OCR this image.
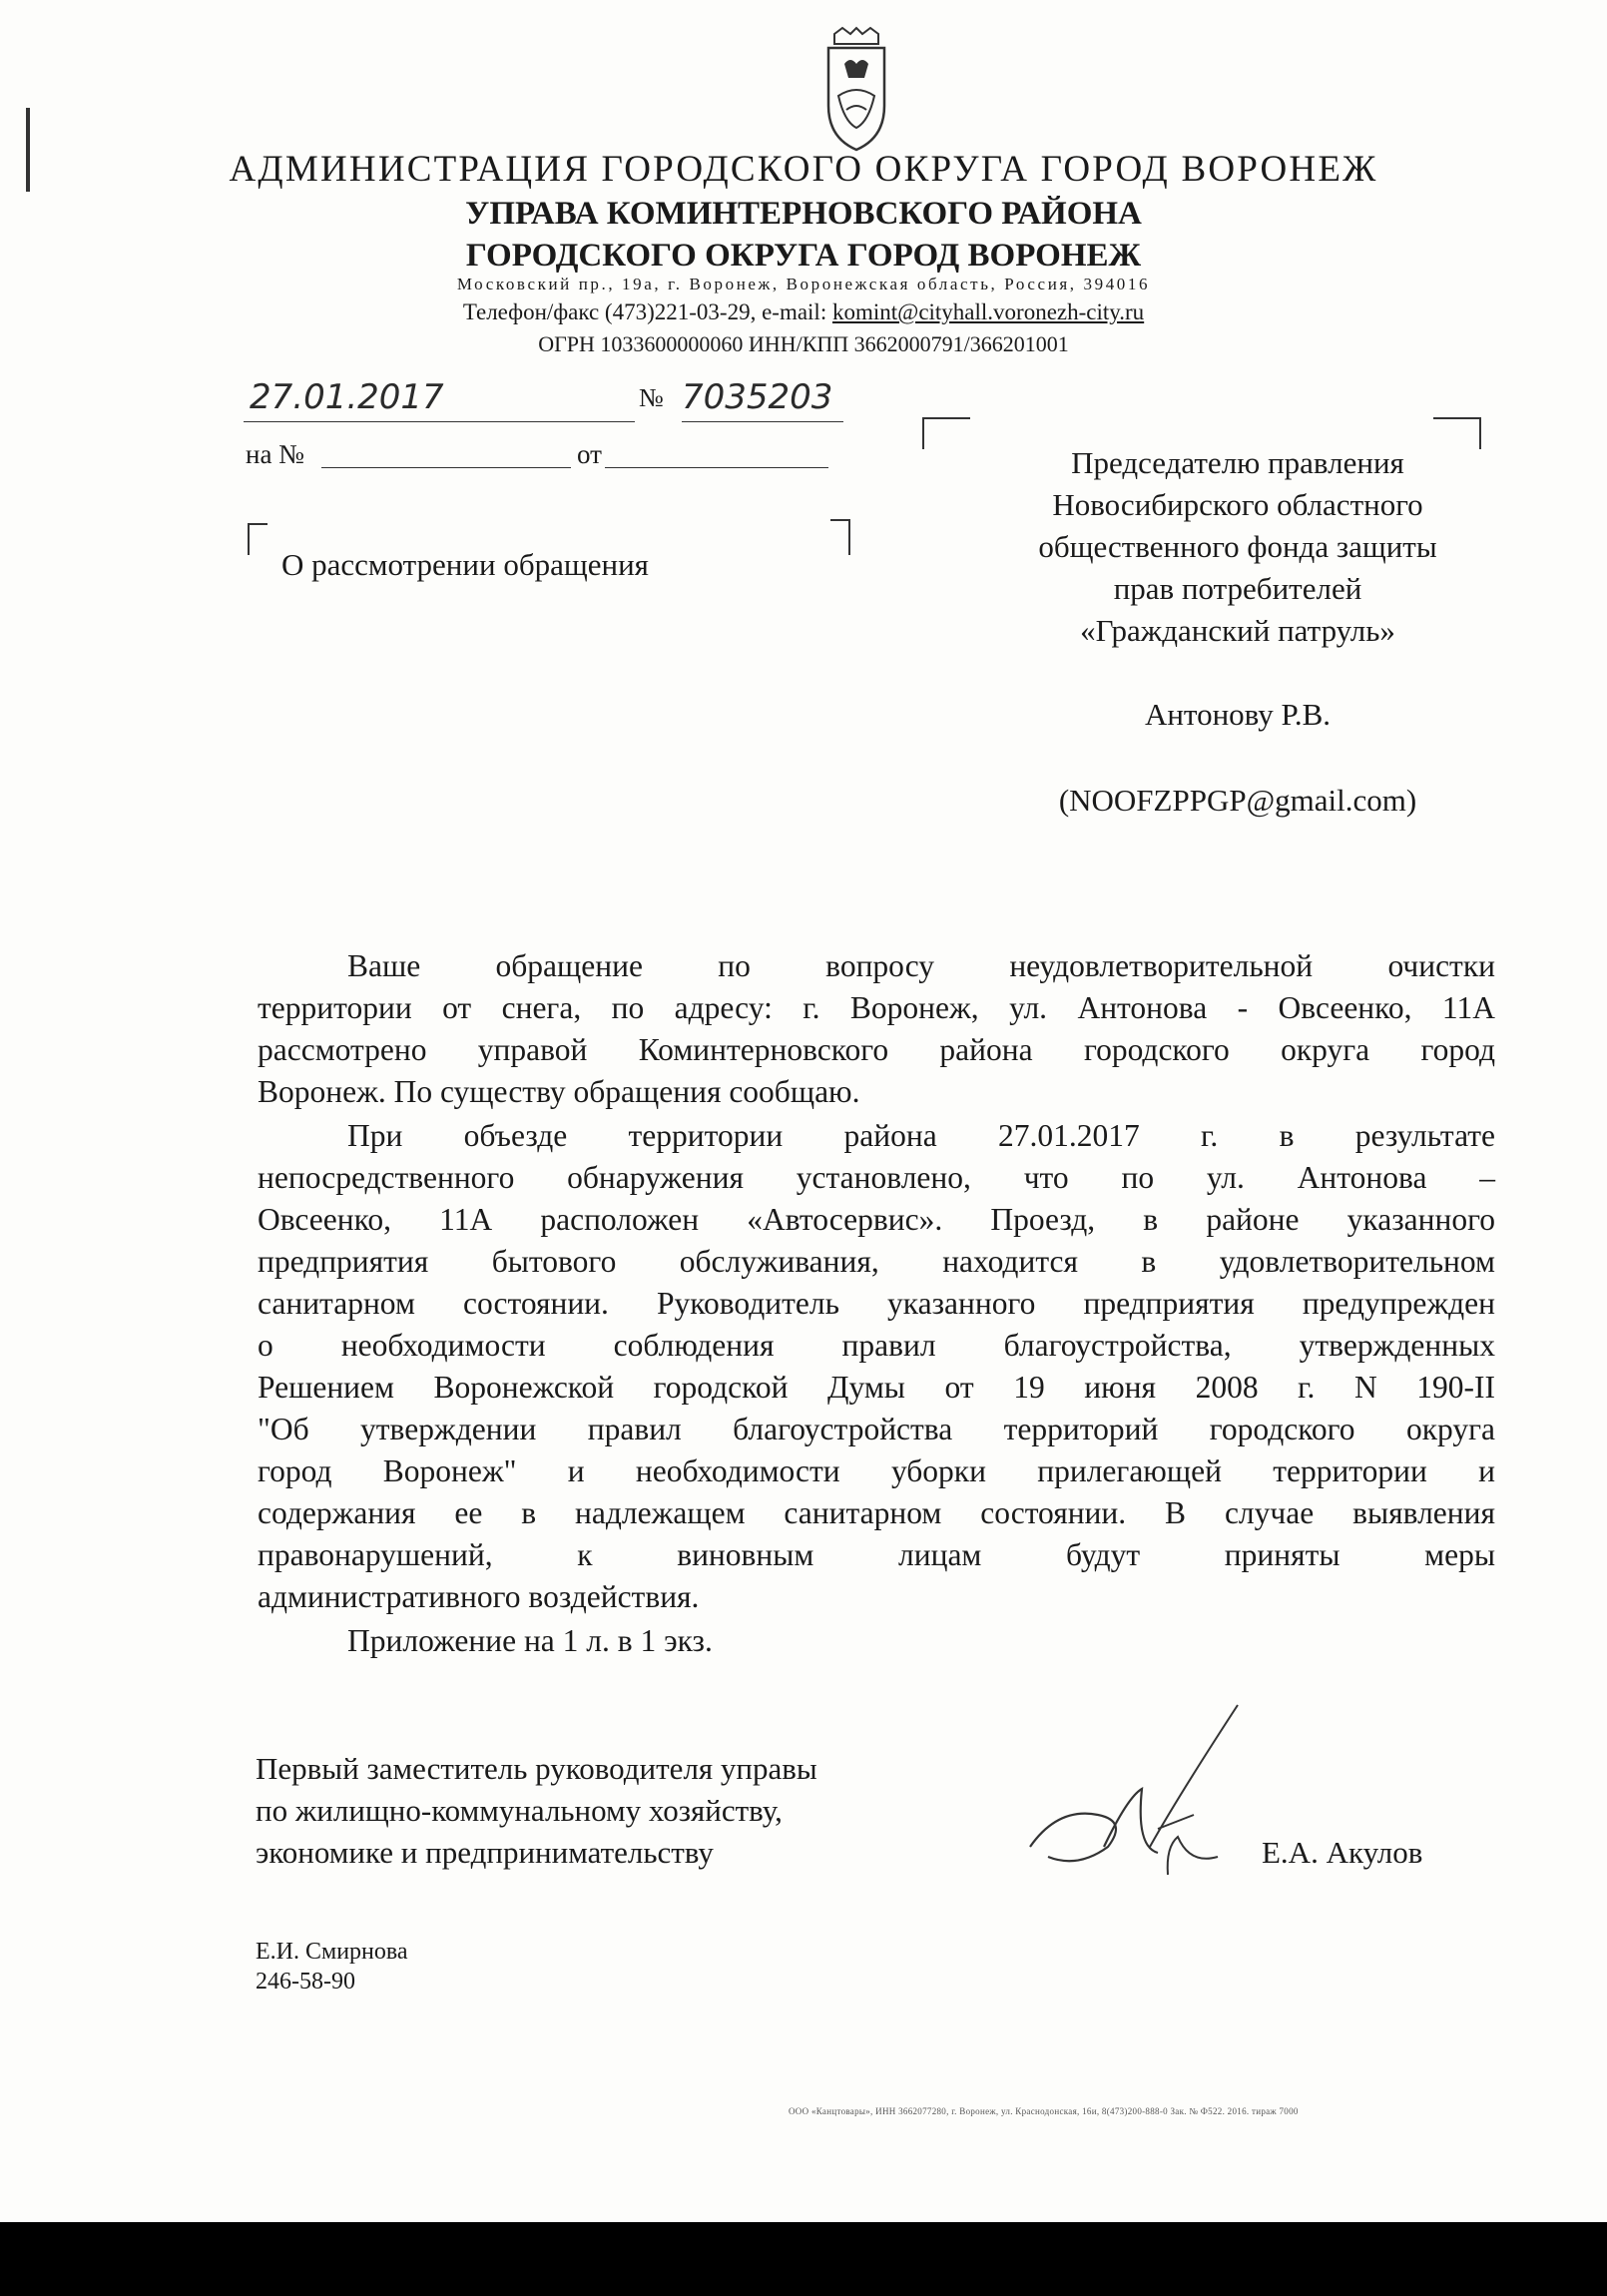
АДМИНИСТРАЦИЯ ГОРОДСКОГО ОКРУГА ГОРОД ВОРОНЕЖ
УПРАВА КОМИНТЕРНОВСКОГО РАЙОНА
ГОРОДСКОГО ОКРУГА ГОРОД ВОРОНЕЖ
Московский пр., 19а, г. Воронеж, Воронежская область, Россия, 394016
Телефон/факс (473)221-03-29, e-mail: komint@cityhall.voronezh-city.ru
ОГРН 1033600000060 ИНН/КПП 3662000791/366201001
27.01.2017	№ 7035203
на №	от
О рассмотрении обращения
Председателю правления
Новосибирского областного
общественного фонда защиты
прав потребителей
«Гражданский патруль»
Антонову Р.В.
(NOOFZPPGP@gmail.com)
Ваше обращение по вопросу неудовлетворительной очистки
территории от снега, по адресу: г. Воронеж, ул. Антонова - Овсеенко, 11А
рассмотрено управой Коминтерновского района городского округа город
Воронеж. По существу обращения сообщаю.
При объезде территории района 27.01.2017 г. в результате
непосредственного обнаружения установлено, что по ул. Антонова –
Овсеенко, 11А расположен «Автосервис». Проезд, в районе указанного
предприятия бытового обслуживания, находится в удовлетворительном
санитарном состоянии. Руководитель указанного предприятия предупрежден
о необходимости соблюдения правил благоустройства, утвержденных
Решением Воронежской городской Думы от 19 июня 2008 г. N 190-II
"Об утверждении правил благоустройства территорий городского округа
город Воронеж" и необходимости уборки прилегающей территории и
содержания ее в надлежащем санитарном состоянии. В случае выявления
правонарушений, к виновным лицам будут приняты меры
административного воздействия.
Приложение на 1 л. в 1 экз.
Первый заместитель руководителя управы
по жилищно-коммунальному хозяйству,
экономике и предпринимательству	Е.А. Акулов
Е.И. Смирнова
246-58-90
ООО «Канцтовары», ИНН 3662077280, г. Воронеж, ул. Краснодонская, 16и, 8(473)200-888-0 Зак. № Ф522. 2016. тираж 7000
